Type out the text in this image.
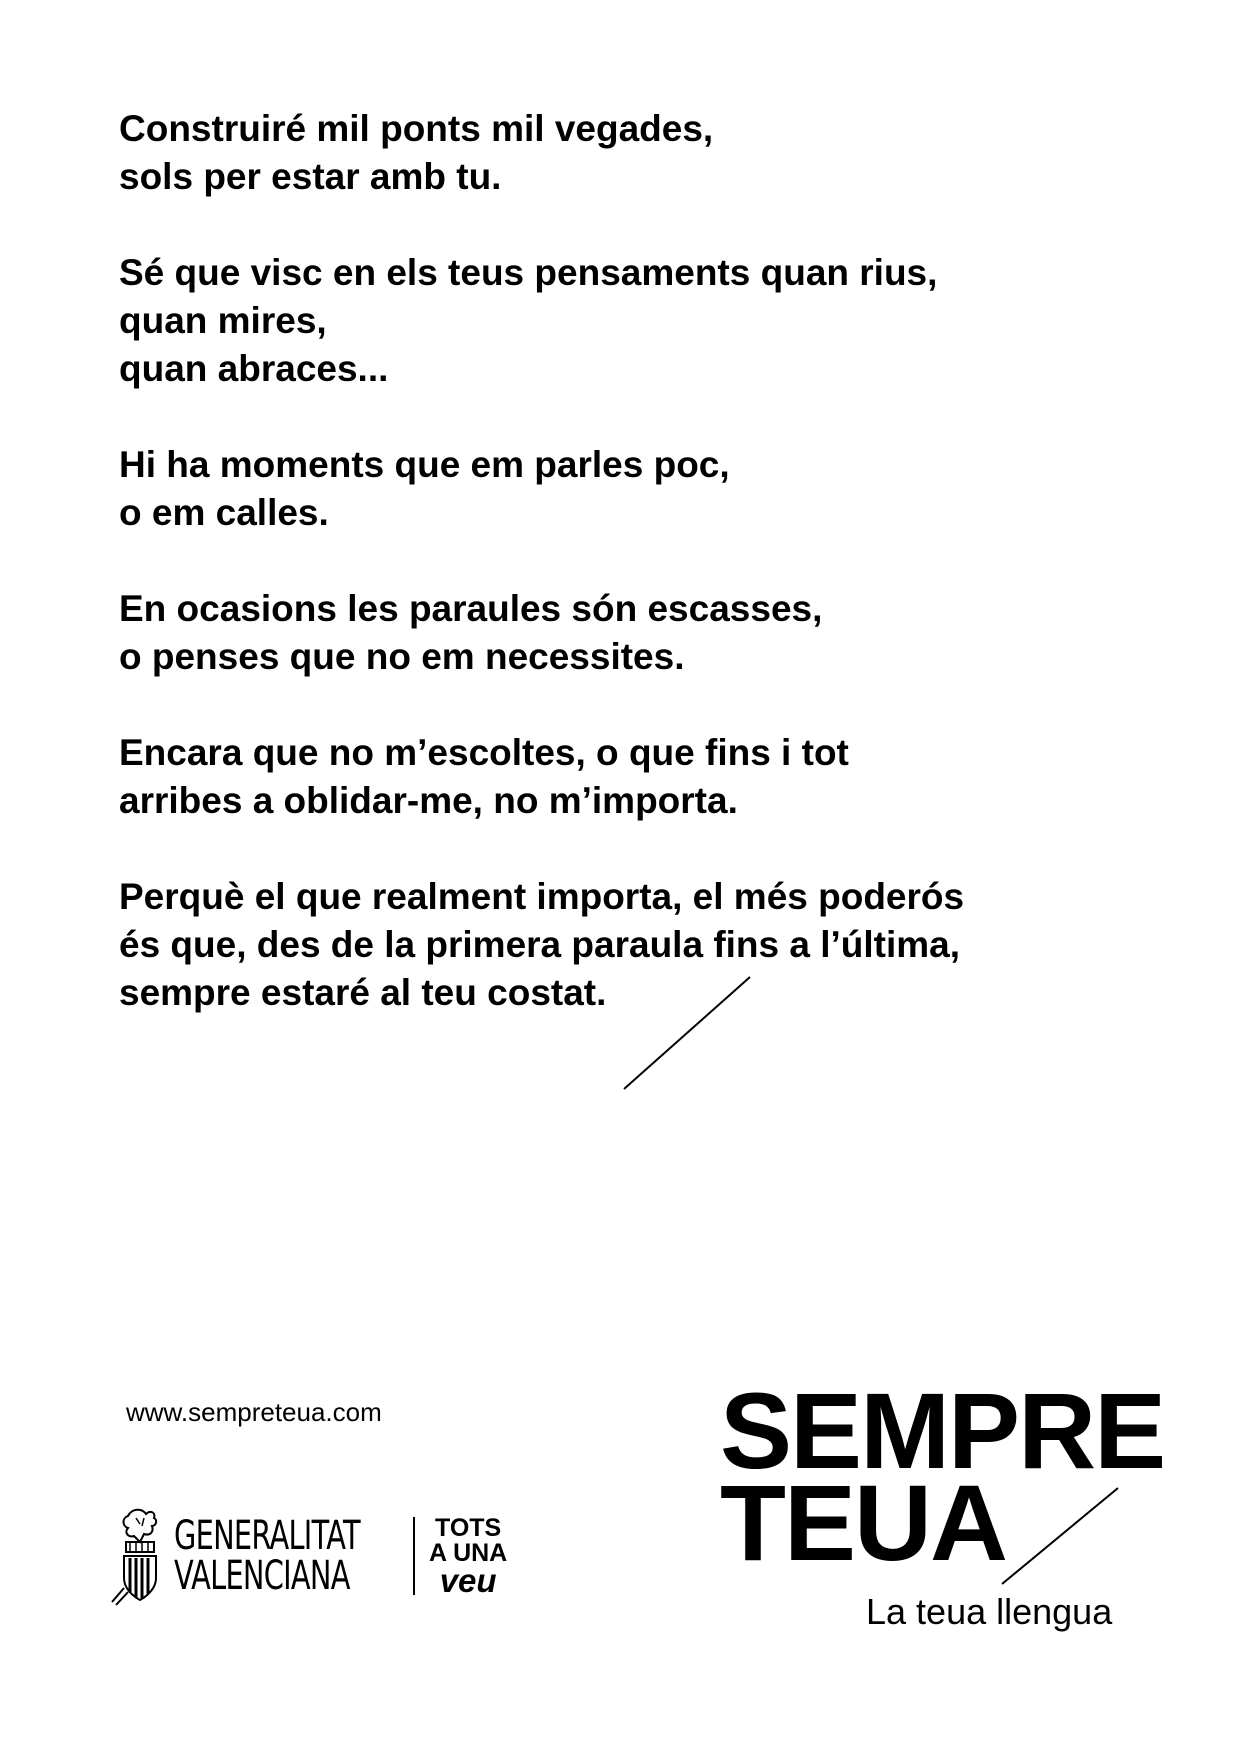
Construiré mil ponts mil vegades,
sols per estar amb tu.
Sé que visc en els teus pensaments quan rius,
quan mires,
quan abraces...
Hi ha moments que em parles poc,
o em calles.
En ocasions les paraules són escasses,
o penses que no em necessites.
Encara que no m’escoltes, o que fins i tot
arribes a oblidar-me, no m’importa.
Perquè el que realment importa, el més poderós
és que, des de la primera paraula fins a l’última,
sempre estaré al teu costat.
www.sempreteua.com
GENERALITAT
VALENCIANA
TOTS
A UNA
veu
SEMPRE
TEUA
La teua llengua
